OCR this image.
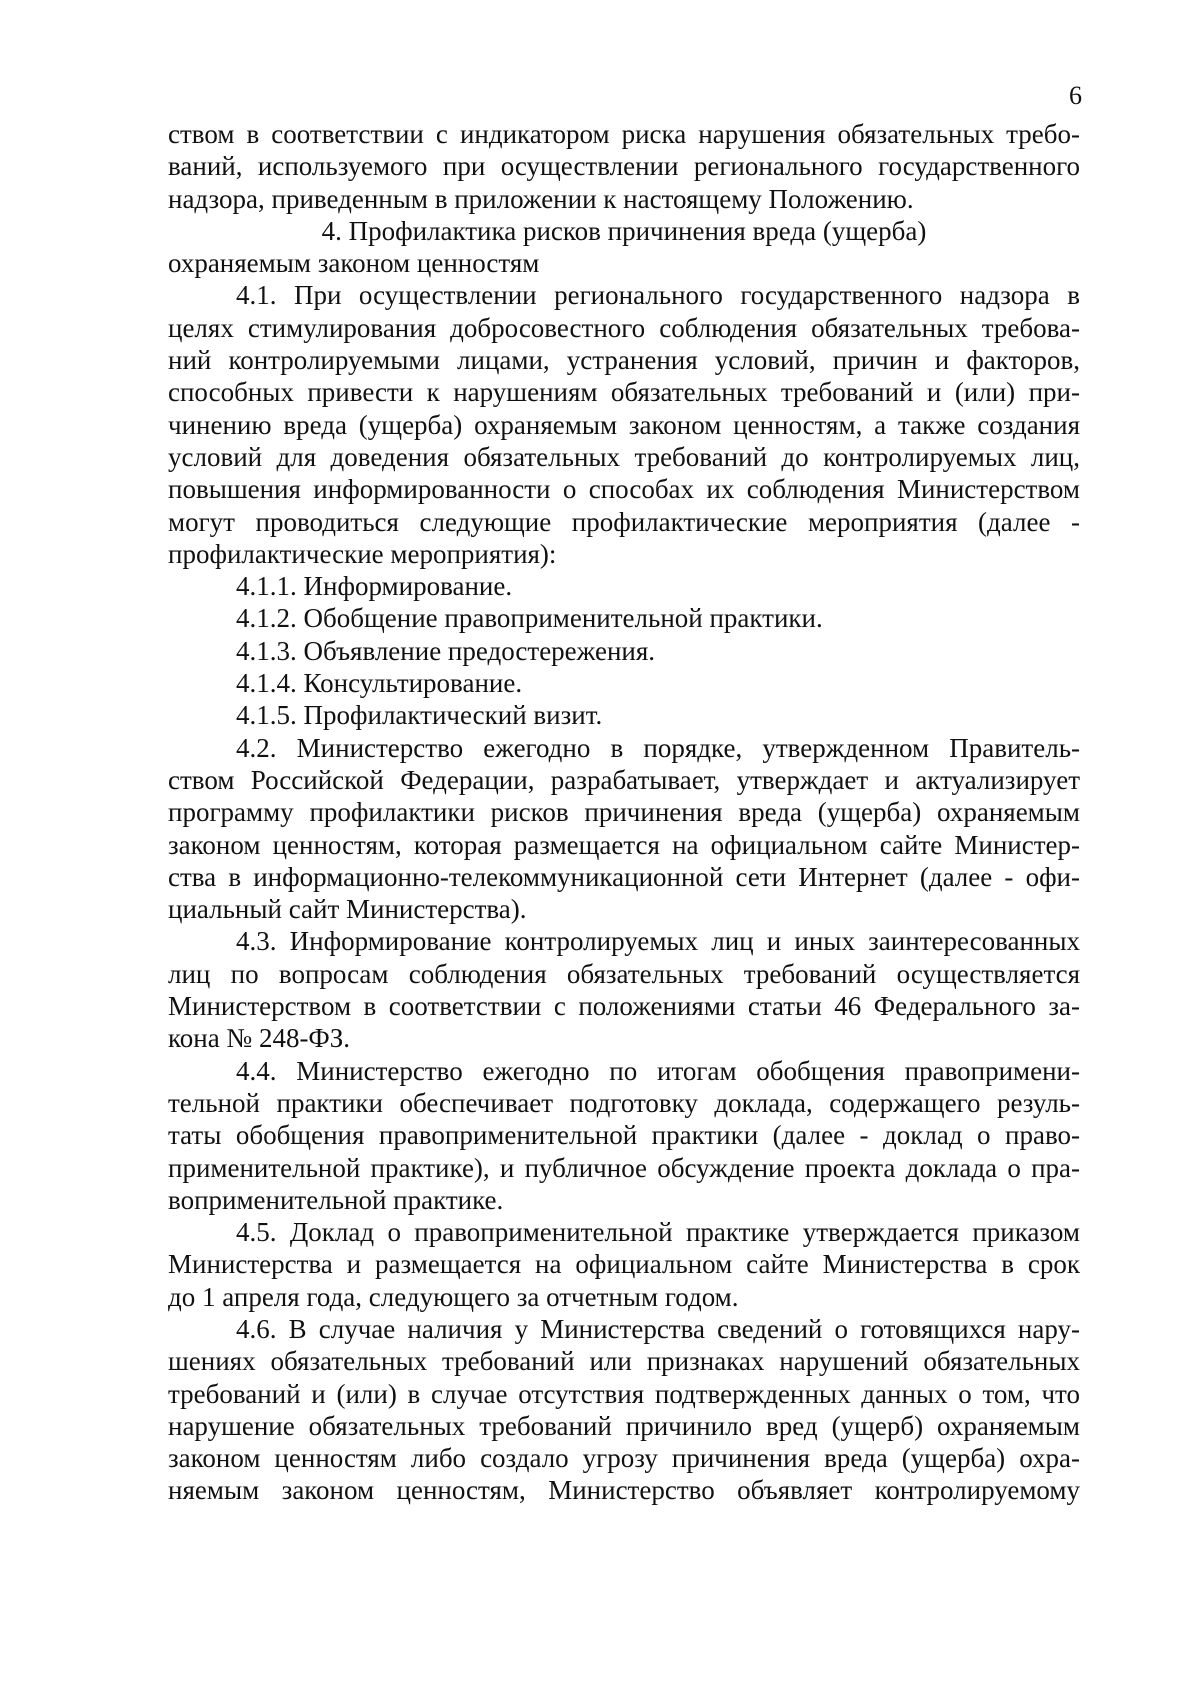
6

ством в соответствии с индикатором риска нарушения обязательных требо-
ваний, используемого при осуществлении регионального государственного
надзора, приведенным в приложении к настоящему Положению.

4. Профилактика рисков причинения вреда (ущерба)
охраняемым законом ценностям

4.1. При осуществлении регионального государственного надзора в
целях стимулирования добросовестного соблюдения обязательных требова-
ний контролируемыми лицами, устранения условий, причин и факторов,
способных привести к нарушениям обязательных требований и (или) при-
чинению вреда (ущерба) охраняемым законом ценностям, а также создания
условий для доведения обязательных требований до контролируемых лиц,
повышения информированности о способах их соблюдения Министерством
могут проводиться следующие профилактические мероприятия (далее -
профилактические мероприятия):

4.1.1. Информирование.

4.1.2. Обобщение правоприменительной практики.

4.1.3. Объявление предостережения.

4.1.4. Консультирование.

4.1.5. Профилактический визит.

4.2. Министерство ежегодно в порядке, утвержденном Правитель-
ством Российской Федерации, разрабатывает, утверждает и актуализирует
программу профилактики рисков причинения вреда (ущерба) охраняемым
законом ценностям, которая размещается на официальном сайте Министер-
ства в информационно-телекоммуникационной сети Интернет (далее - офи-
циальный сайт Министерства).

4.3. Информирование контролируемых лиц и иных заинтересованных
лиц по вопросам соблюдения обязательных требований осуществляется
Министерством в соответствии с положениями статьи 46 Федерального за-
кона № 248-ФЗ.

4.4. Министерство ежегодно по итогам обобщения правопримени-
тельной практики обеспечивает подготовку доклада, содержащего резуль-
таты обобщения правоприменительной практики (далее - доклад о право-
применительной практике), и публичное обсуждение проекта доклада о пра-
воприменительной практике.

4.5. Доклад о правоприменительной практике утверждается приказом
Министерства и размещается на официальном сайте Министерства в срок
до 1 апреля года, следующего за отчетным годом.

4.6. В случае наличия у Министерства сведений о готовящихся нару-
шениях обязательных требований или признаках нарушений обязательных
требований и (или) в случае отсутствия подтвержденных данных о том, что
нарушение обязательных требований причинило вред (ущерб) охраняемым
законом ценностям либо создало угрозу причинения вреда (ущерба) охра-
няемым законом ценностям, Министерство объявляет контролируемому
